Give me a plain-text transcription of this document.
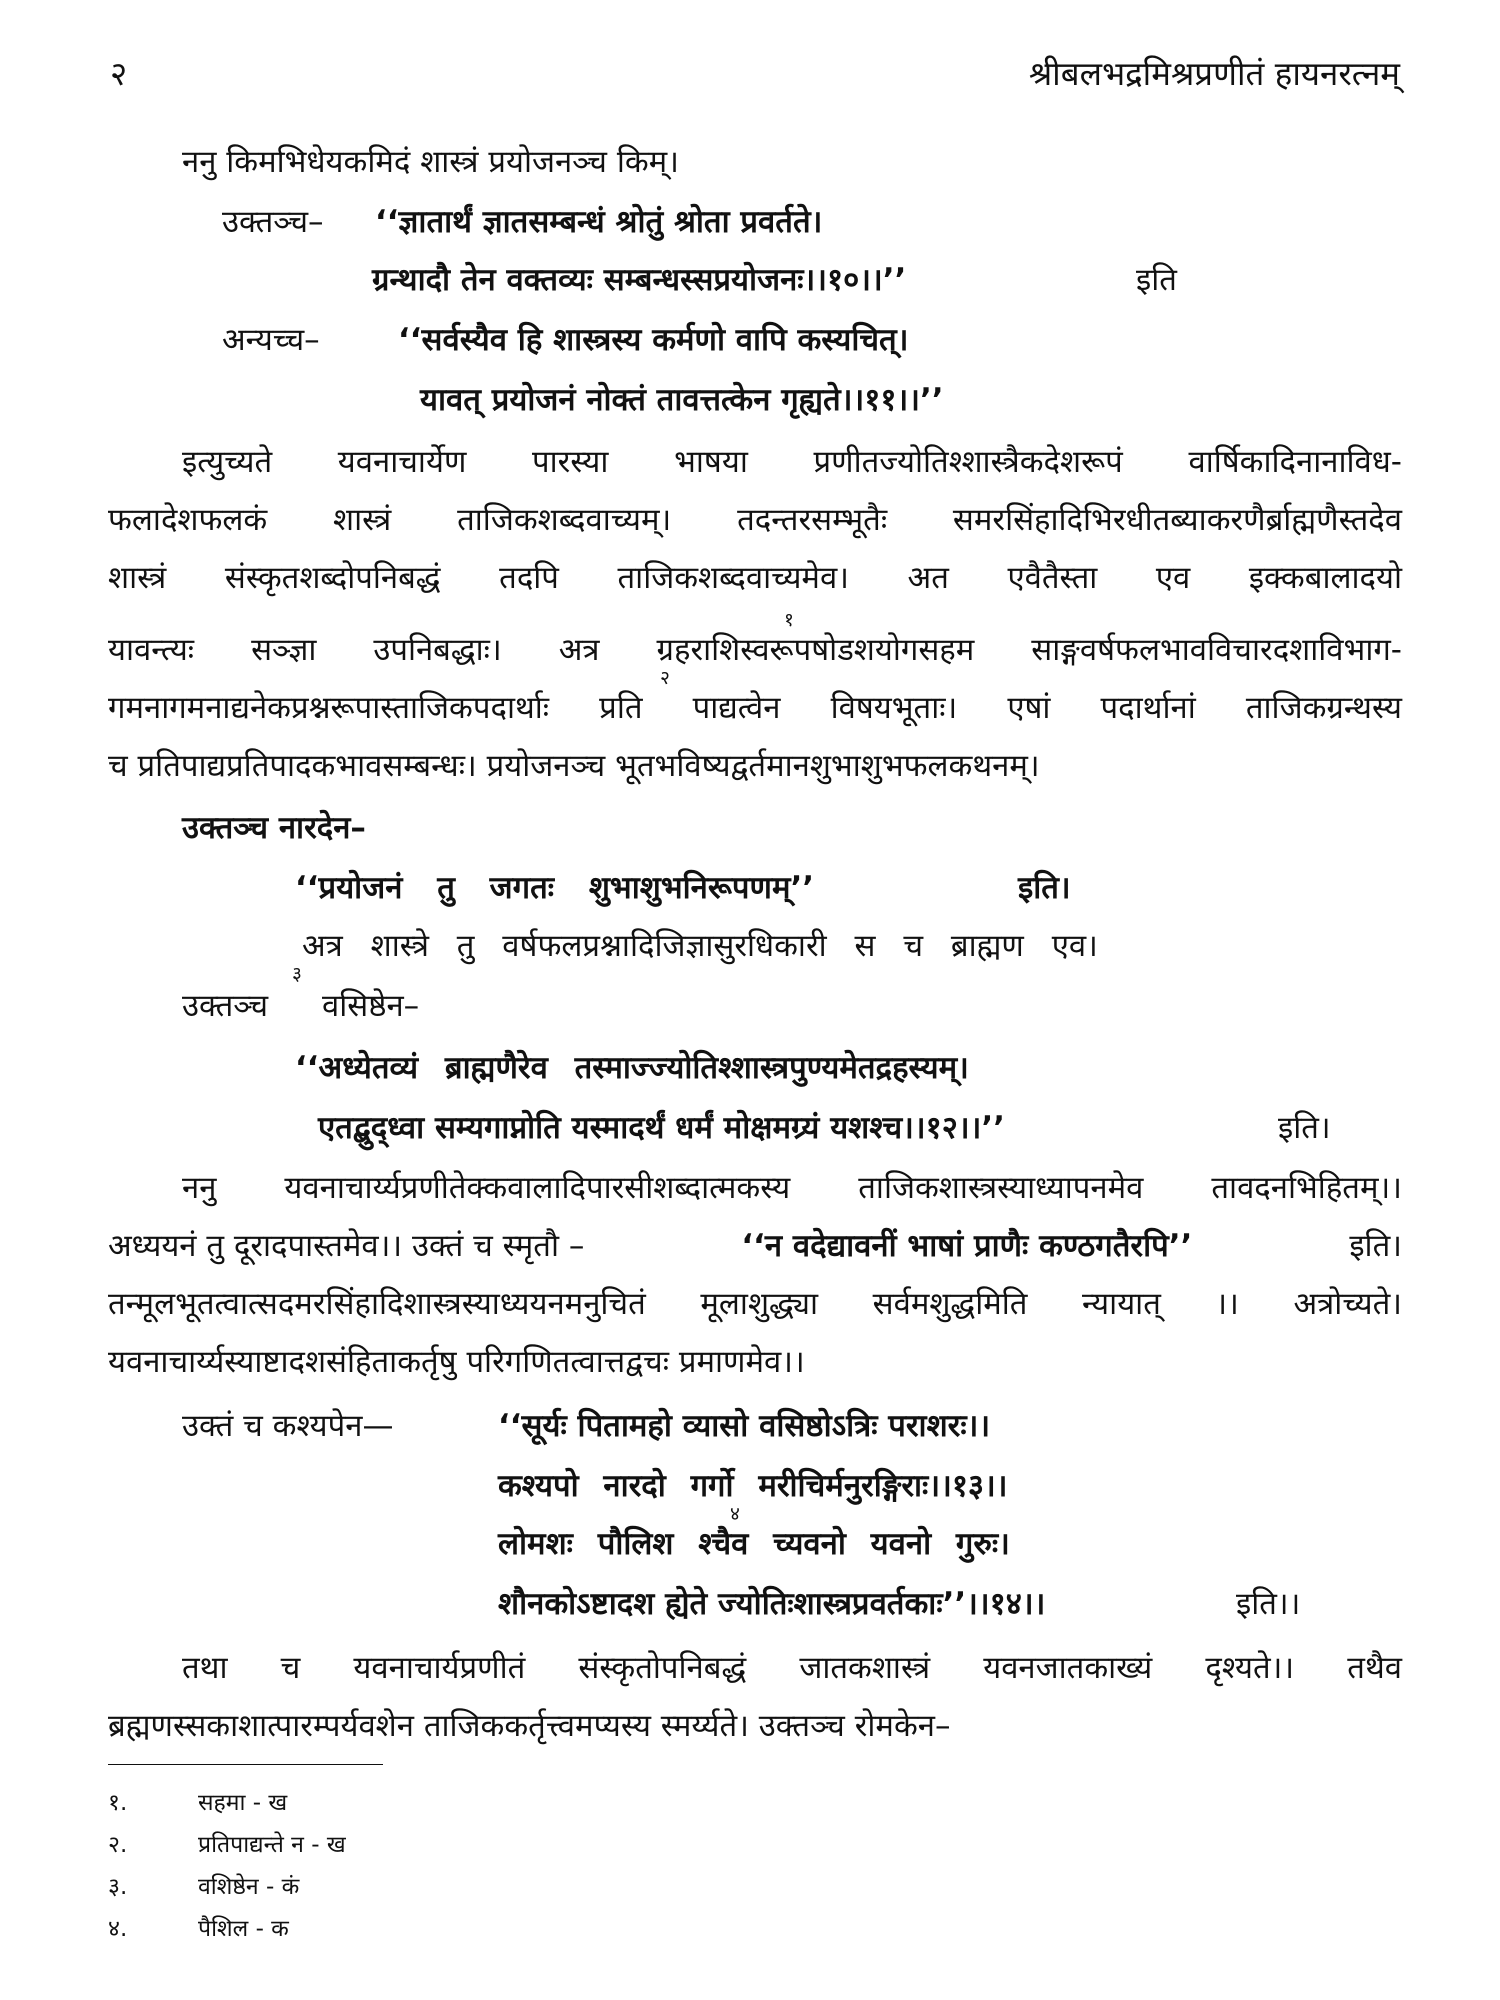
२	श्रीबलभद्रमिश्रप्रणीतं हायनरत्नम्
ननु किमभिधेयकमिदं शास्त्रं प्रयोजनञ्च किम्।
उक्तञ्च– ‘‘ज्ञातार्थं ज्ञातसम्बन्धं श्रोतुं श्रोता प्रवर्तते।
ग्रन्थादौ तेन वक्तव्यः सम्बन्धस्सप्रयोजनः।।१०।।’’	इति
अन्यच्च–	‘‘सर्वस्यैव हि शास्त्रस्य कर्मणो वापि कस्यचित्।
यावत् प्रयोजनं नोक्तं तावत्तत्केन गृह्यते।।११।।’’
इत्युच्यते यवनाचार्येण पारस्या भाषया प्रणीतज्योतिश्शास्त्रैकदेशरूपं वार्षिकादिनानाविध-
फलादेशफलकं शास्त्रं ताजिकशब्दवाच्यम्। तदन्तरसम्भूतैः समरसिंहादिभिरधीतब्याकरणैर्ब्राह्मणैस्तदेव
शास्त्रं संस्कृतशब्दोपनिबद्धं तदपि ताजिकशब्दवाच्यमेव। अत एवैतैस्ता एव इक्कबालादयो
यावन्त्यः सञ्ज्ञा उपनिबद्धाः। अत्र ग्रहराशिस्वरूपषोडशयोगसहम साङ्गवर्षफलभावविचारदशाविभाग-
१
गमनागमनाद्यनेकप्रश्नरूपास्ताजिकपदार्थाः प्रति पाद्यत्वेन विषयभूताः। एषां पदार्थानां ताजिकग्रन्थस्य
२
च प्रतिपाद्यप्रतिपादकभावसम्बन्धः। प्रयोजनञ्च भूतभविष्यद्वर्तमानशुभाशुभफलकथनम्।
उक्तञ्च नारदेन–
‘‘प्रयोजनं तु जगतः शुभाशुभनिरूपणम्’’	इति।
अत्र शास्त्रे तु वर्षफलप्रश्नादिजिज्ञासुरधिकारी स च ब्राह्मण एव।
उक्तञ्च
३
वसिष्ठेन–
‘‘अध्येतव्यं ब्राह्मणैरेव तस्माज्ज्योतिश्शास्त्रपुण्यमेतद्रहस्यम्।
एतद्बुद्ध्वा सम्यगाप्नोति यस्मादर्थं धर्मं मोक्षमग्र्यं यशश्च।।१२।।’’	इति।
ननु यवनाचार्य्यप्रणीतेक्कवालादिपारसीशब्दात्मकस्य ताजिकशास्त्रस्याध्यापनमेव तावदनभिहितम्।।
अध्ययनं तु दूरादपास्तमेव।। उक्तं च स्मृतौ –	‘‘न वदेद्यावनीं भाषां प्राणैः कण्ठगतैरपि’’	इति।
तन्मूलभूतत्वात्सदमरसिंहादिशास्त्रस्याध्ययनमनुचितं मूलाशुद्ध्या सर्वमशुद्धमिति न्यायात् ।। अत्रोच्यते।
यवनाचार्य्यस्याष्टादशसंहिताकर्तृषु परिगणितत्वात्तद्वचः प्रमाणमेव।।
उक्तं च कश्यपेन—	‘‘सूर्यः पितामहो व्यासो वसिष्ठोऽत्रिः पराशरः।।
कश्यपो नारदो गर्गो मरीचिर्मनुरङ्गिराः।।१३।।
४
लोमशः पौलिश श्चैव च्यवनो यवनो गुरुः।
शौनकोऽष्टादश ह्येते ज्योतिःशास्त्रप्रवर्तकाः’’।।१४।।	इति।।
तथा च यवनाचार्यप्रणीतं संस्कृतोपनिबद्धं जातकशास्त्रं यवनजातकाख्यं दृश्यते।। तथैव
ब्रह्मणस्सकाशात्पारम्पर्यवशेन ताजिककर्तृत्त्वमप्यस्य स्मर्य्यते। उक्तञ्च रोमकेन–
१.	सहमा - ख
२.	प्रतिपाद्यन्ते न - ख
३.	वशिष्ठेन - कं
४.	पैशिल - क
